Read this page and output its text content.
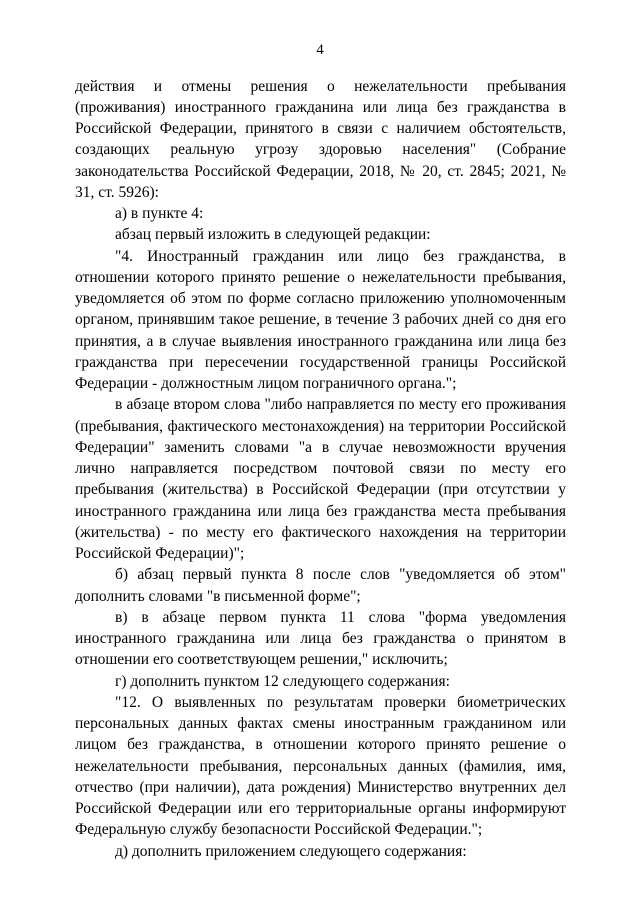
4

действия и отмены решения о нежелательности пребывания (проживания) иностранного гражданина или лица без гражданства в Российской Федерации, принятого в связи с наличием обстоятельств, создающих реальную угрозу здоровью населения" (Собрание законодательства Российской Федерации, 2018, № 20, ст. 2845; 2021, № 31, ст. 5926):

а) в пункте 4:

абзац первый изложить в следующей редакции:

"4. Иностранный гражданин или лицо без гражданства, в отношении которого принято решение о нежелательности пребывания, уведомляется об этом по форме согласно приложению уполномоченным органом, принявшим такое решение, в течение 3 рабочих дней со дня его принятия, а в случае выявления иностранного гражданина или лица без гражданства при пересечении государственной границы Российской Федерации - должностным лицом пограничного органа.";

в абзаце втором слова "либо направляется по месту его проживания (пребывания, фактического местонахождения) на территории Российской Федерации" заменить словами "а в случае невозможности вручения лично направляется посредством почтовой связи по месту его пребывания (жительства) в Российской Федерации (при отсутствии у иностранного гражданина или лица без гражданства места пребывания (жительства) - по месту его фактического нахождения на территории Российской Федерации)";

б) абзац первый пункта 8 после слов "уведомляется об этом" дополнить словами "в письменной форме";

в) в абзаце первом пункта 11 слова "форма уведомления иностранного гражданина или лица без гражданства о принятом в отношении его соответствующем решении," исключить;

г) дополнить пунктом 12 следующего содержания:

"12. О выявленных по результатам проверки биометрических персональных данных фактах смены иностранным гражданином или лицом без гражданства, в отношении которого принято решение о нежелательности пребывания, персональных данных (фамилия, имя, отчество (при наличии), дата рождения) Министерство внутренних дел Российской Федерации или его территориальные органы информируют Федеральную службу безопасности Российской Федерации.";

д) дополнить приложением следующего содержания:
